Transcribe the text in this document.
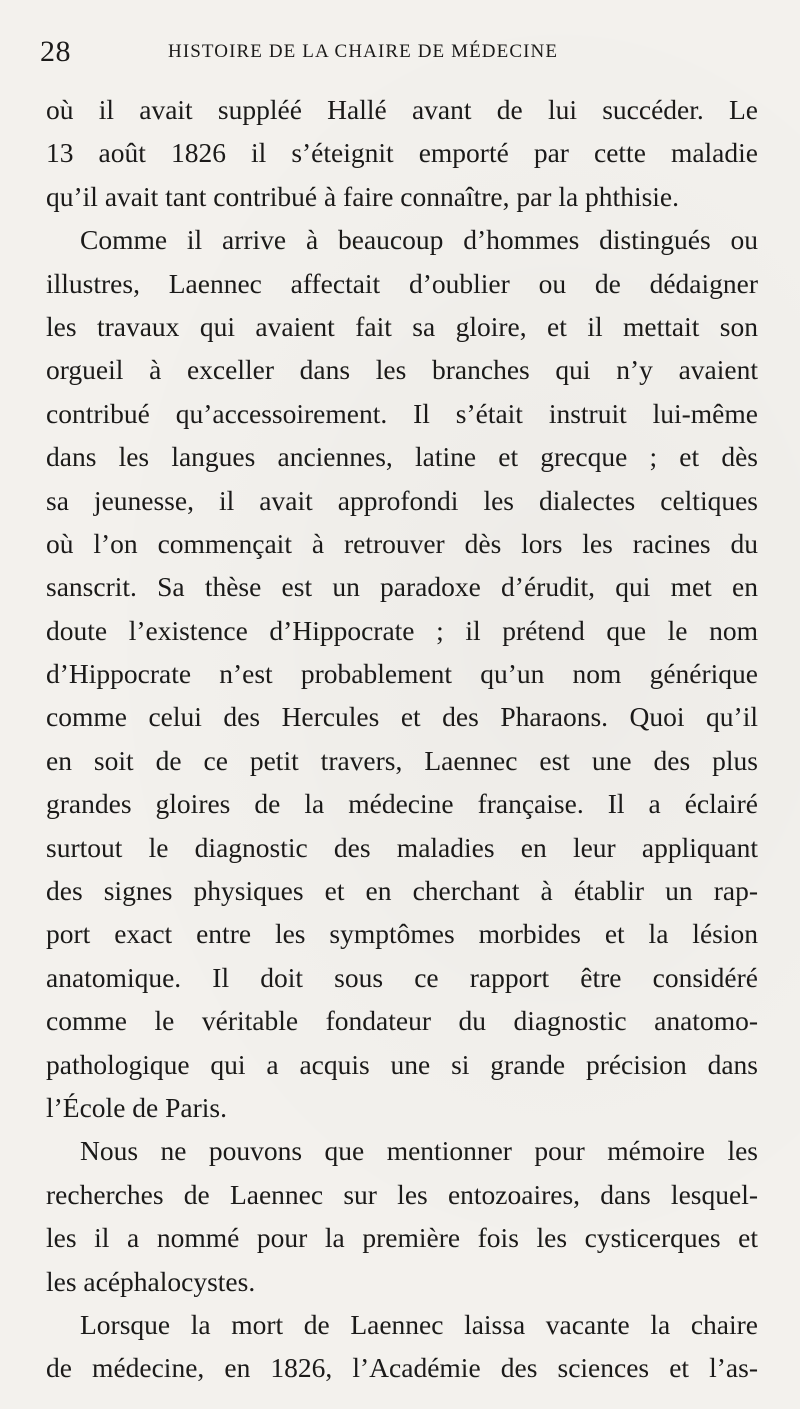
28	HISTOIRE DE LA CHAIRE DE MÉDECINE
où il avait suppléé Hallé avant de lui succéder. Le
13 août 1826 il s’éteignit emporté par cette maladie
qu’il avait tant contribué à faire connaître, par la phthisie.
Comme il arrive à beaucoup d’hommes distingués ou
illustres, Laennec affectait d’oublier ou de dédaigner
les travaux qui avaient fait sa gloire, et il mettait son
orgueil à exceller dans les branches qui n’y avaient
contribué qu’accessoirement. Il s’était instruit lui-même
dans les langues anciennes, latine et grecque ; et dès
sa jeunesse, il avait approfondi les dialectes celtiques
où l’on commençait à retrouver dès lors les racines du
sanscrit. Sa thèse est un paradoxe d’érudit, qui met en
doute l’existence d’Hippocrate ; il prétend que le nom
d’Hippocrate n’est probablement qu’un nom générique
comme celui des Hercules et des Pharaons. Quoi qu’il
en soit de ce petit travers, Laennec est une des plus
grandes gloires de la médecine française. Il a éclairé
surtout le diagnostic des maladies en leur appliquant
des signes physiques et en cherchant à établir un rap-
port exact entre les symptômes morbides et la lésion
anatomique. Il doit sous ce rapport être considéré
comme le véritable fondateur du diagnostic anatomo-
pathologique qui a acquis une si grande précision dans
l’École de Paris.
Nous ne pouvons que mentionner pour mémoire les
recherches de Laennec sur les entozoaires, dans lesquel-
les il a nommé pour la première fois les cysticerques et
les acéphalocystes.
Lorsque la mort de Laennec laissa vacante la chaire
de médecine, en 1826, l’Académie des sciences et l’as-
